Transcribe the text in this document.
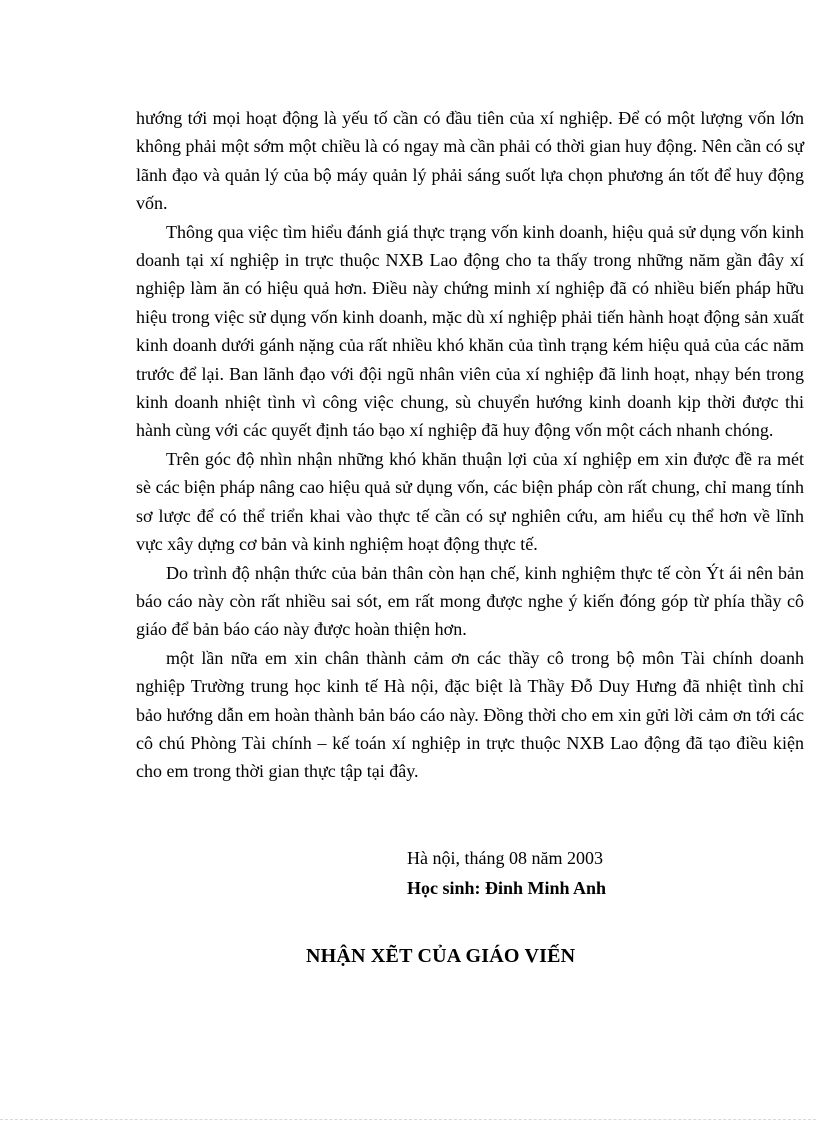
hướng tới mọi hoạt động là yếu tố cần có đầu tiên của xí nghiệp. Để có một lượng vốn lớn không phải một sớm một chiều là có ngay mà cần phải có thời gian huy động. Nên cần có sự lãnh đạo và quản lý của bộ máy quản lý phải sáng suốt lựa chọn phương án tốt để huy động vốn.

Thông qua việc tìm hiểu đánh giá thực trạng vốn kinh doanh, hiệu quả sử dụng vốn kinh doanh tại xí nghiệp in trực thuộc NXB Lao động cho ta thấy trong những năm gần đây xí nghiệp làm ăn có hiệu quả hơn. Điều này chứng minh xí nghiệp đã có nhiều biến pháp hữu hiệu trong việc sử dụng vốn kinh doanh, mặc dù xí nghiệp phải tiến hành hoạt động sản xuất kinh doanh dưới gánh nặng của rất nhiều khó khăn của tình trạng kém hiệu quả của các năm trước để lại. Ban lãnh đạo với đội ngũ nhân viên của xí nghiệp đã linh hoạt, nhạy bén trong kinh doanh nhiệt tình vì công việc chung, sù chuyển hướng kinh doanh kịp thời được thi hành cùng với các quyết định táo bạo xí nghiệp đã huy động vốn một cách nhanh chóng.

Trên góc độ nhìn nhận những khó khăn thuận lợi của xí nghiệp em xin được đề ra mét sè các biện pháp nâng cao hiệu quả sử dụng vốn, các biện pháp còn rất chung, chỉ mang tính sơ lược để có thể triển khai vào thực tế cần có sự nghiên cứu, am hiểu cụ thể hơn về lĩnh vực xây dựng cơ bản và kinh nghiệm hoạt động thực tế.

Do trình độ nhận thức của bản thân còn hạn chế, kinh nghiệm thực tế còn Ýt ái nên bản báo cáo này còn rất nhiều sai sót, em rất mong được nghe ý kiến đóng góp từ phía thầy cô giáo để bản báo cáo này được hoàn thiện hơn.

một lần nữa em xin chân thành cảm ơn các thầy cô trong bộ môn Tài chính doanh nghiệp Trường trung học kinh tế Hà nội, đặc biệt là Thầy Đỗ Duy Hưng đã nhiệt tình chỉ bảo hướng dẫn em hoàn thành bản báo cáo này. Đồng thời cho em xin gửi lời cảm ơn tới các cô chú Phòng Tài chính – kế toán xí nghiệp in trực thuộc NXB Lao động đã tạo điều kiện cho em trong thời gian thực tập tại đây.

Hà nội, tháng 08 năm 2003
Học sinh: Đinh Minh Anh
NHẬN XẼT CỦA GIÁO VIẾN
